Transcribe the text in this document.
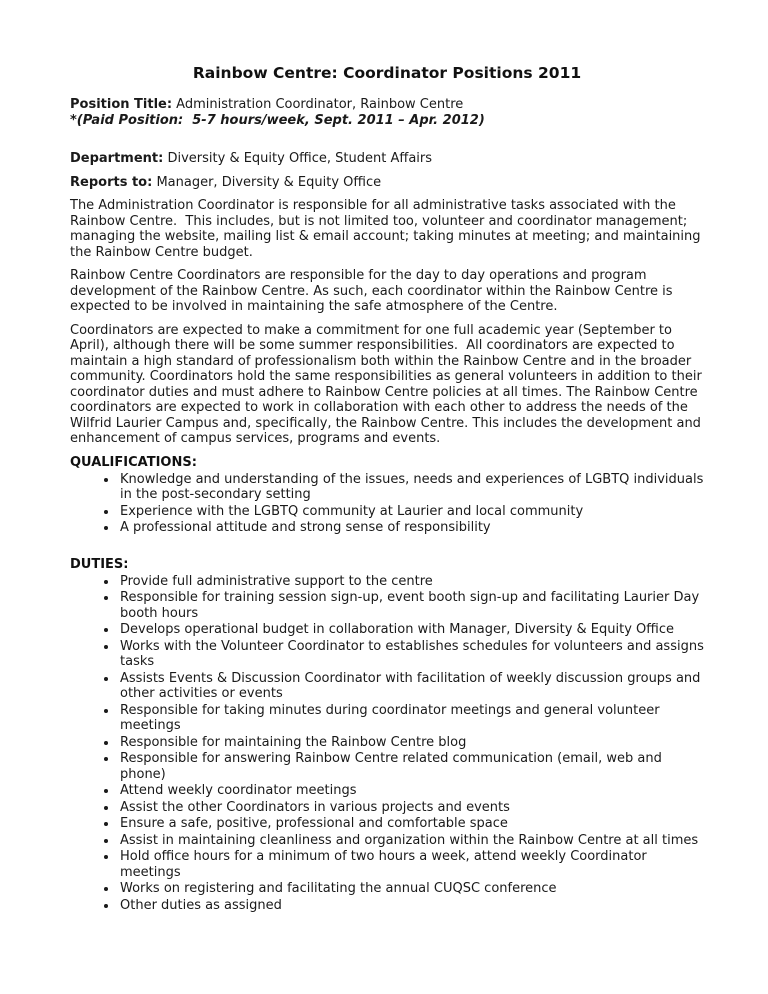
Rainbow Centre: Coordinator Positions 2011
Position Title: Administration Coordinator, Rainbow Centre
*(Paid Position:  5-7 hours/week, Sept. 2011 – Apr. 2012)
Department: Diversity & Equity Office, Student Affairs
Reports to: Manager, Diversity & Equity Office

The Administration Coordinator is responsible for all administrative tasks associated with the Rainbow Centre.  This includes, but is not limited too, volunteer and coordinator management; managing the website, mailing list & email account; taking minutes at meeting; and maintaining the Rainbow Centre budget.

Rainbow Centre Coordinators are responsible for the day to day operations and program development of the Rainbow Centre. As such, each coordinator within the Rainbow Centre is expected to be involved in maintaining the safe atmosphere of the Centre.

Coordinators are expected to make a commitment for one full academic year (September to April), although there will be some summer responsibilities.  All coordinators are expected to maintain a high standard of professionalism both within the Rainbow Centre and in the broader community. Coordinators hold the same responsibilities as general volunteers in addition to their coordinator duties and must adhere to Rainbow Centre policies at all times. The Rainbow Centre coordinators are expected to work in collaboration with each other to address the needs of the Wilfrid Laurier Campus and, specifically, the Rainbow Centre. This includes the development and enhancement of campus services, programs and events.

QUALIFICATIONS:
• Knowledge and understanding of the issues, needs and experiences of LGBTQ individuals in the post-secondary setting
• Experience with the LGBTQ community at Laurier and local community
• A professional attitude and strong sense of responsibility
DUTIES:
• Provide full administrative support to the centre
• Responsible for training session sign-up, event booth sign-up and facilitating Laurier Day booth hours
• Develops operational budget in collaboration with Manager, Diversity & Equity Office
• Works with the Volunteer Coordinator to establishes schedules for volunteers and assigns tasks
• Assists Events & Discussion Coordinator with facilitation of weekly discussion groups and other activities or events
• Responsible for taking minutes during coordinator meetings and general volunteer meetings
• Responsible for maintaining the Rainbow Centre blog
• Responsible for answering Rainbow Centre related communication (email, web and phone)
• Attend weekly coordinator meetings
• Assist the other Coordinators in various projects and events
• Ensure a safe, positive, professional and comfortable space
• Assist in maintaining cleanliness and organization within the Rainbow Centre at all times
• Hold office hours for a minimum of two hours a week, attend weekly Coordinator meetings
• Works on registering and facilitating the annual CUQSC conference
• Other duties as assigned
